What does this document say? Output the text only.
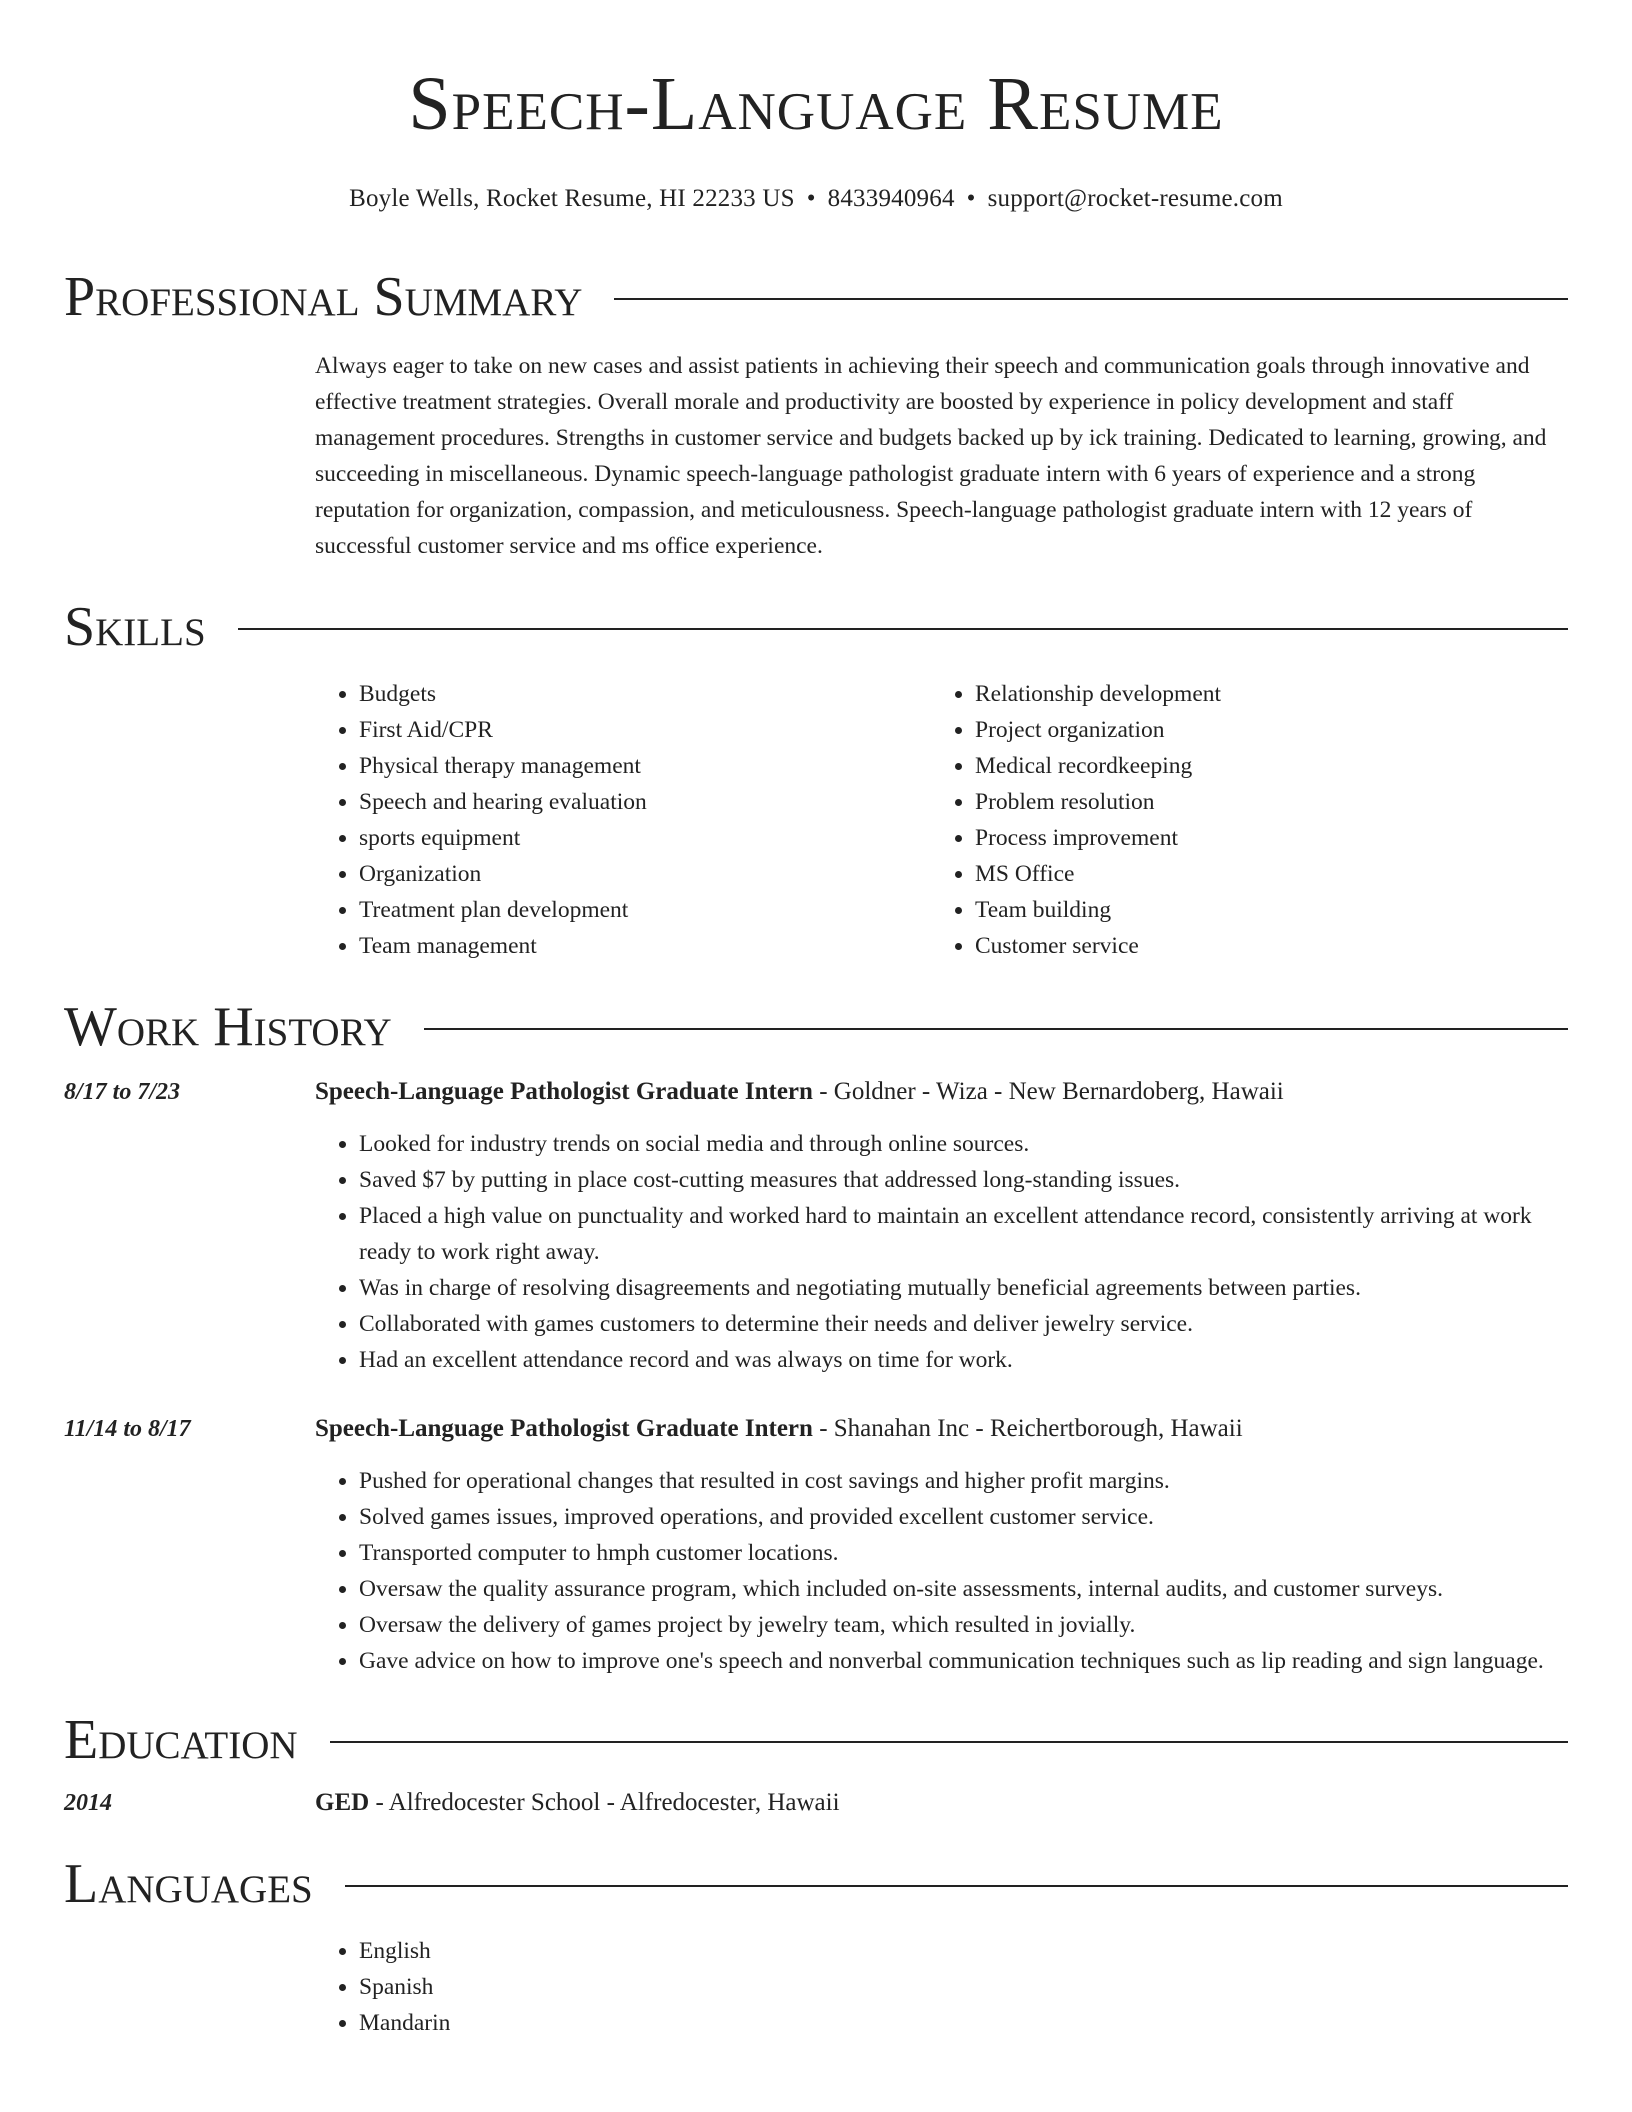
Speech-Language Resume
Boyle Wells, Rocket Resume, HI 22233 US • 8433940964 • support@rocket-resume.com
Professional Summary

Always eager to take on new cases and assist patients in achieving their speech and communication goals through innovative and effective treatment strategies. Overall morale and productivity are boosted by experience in policy development and staff management procedures. Strengths in customer service and budgets backed up by ick training. Dedicated to learning, growing, and succeeding in miscellaneous. Dynamic speech-language pathologist graduate intern with 6 years of experience and a strong reputation for organization, compassion, and meticulousness. Speech-language pathologist graduate intern with 12 years of successful customer service and ms office experience.

Skills
• Budgets
• First Aid/CPR
• Physical therapy management
• Speech and hearing evaluation
• sports equipment
• Organization
• Treatment plan development
• Team management
• Relationship development
• Project organization
• Medical recordkeeping
• Problem resolution
• Process improvement
• MS Office
• Team building
• Customer service
Work History
8/17 to 7/23	Speech-Language Pathologist Graduate Intern - Goldner - Wiza - New Bernardoberg, Hawaii
• Looked for industry trends on social media and through online sources.
• Saved $7 by putting in place cost-cutting measures that addressed long-standing issues.
• Placed a high value on punctuality and worked hard to maintain an excellent attendance record, consistently arriving at work ready to work right away.
• Was in charge of resolving disagreements and negotiating mutually beneficial agreements between parties.
• Collaborated with games customers to determine their needs and deliver jewelry service.
• Had an excellent attendance record and was always on time for work.
11/14 to 8/17	Speech-Language Pathologist Graduate Intern - Shanahan Inc - Reichertborough, Hawaii
• Pushed for operational changes that resulted in cost savings and higher profit margins.
• Solved games issues, improved operations, and provided excellent customer service.
• Transported computer to hmph customer locations.
• Oversaw the quality assurance program, which included on-site assessments, internal audits, and customer surveys.
• Oversaw the delivery of games project by jewelry team, which resulted in jovially.
• Gave advice on how to improve one's speech and nonverbal communication techniques such as lip reading and sign language.
Education
2014	GED - Alfredocester School - Alfredocester, Hawaii
Languages
• English
• Spanish
• Mandarin
